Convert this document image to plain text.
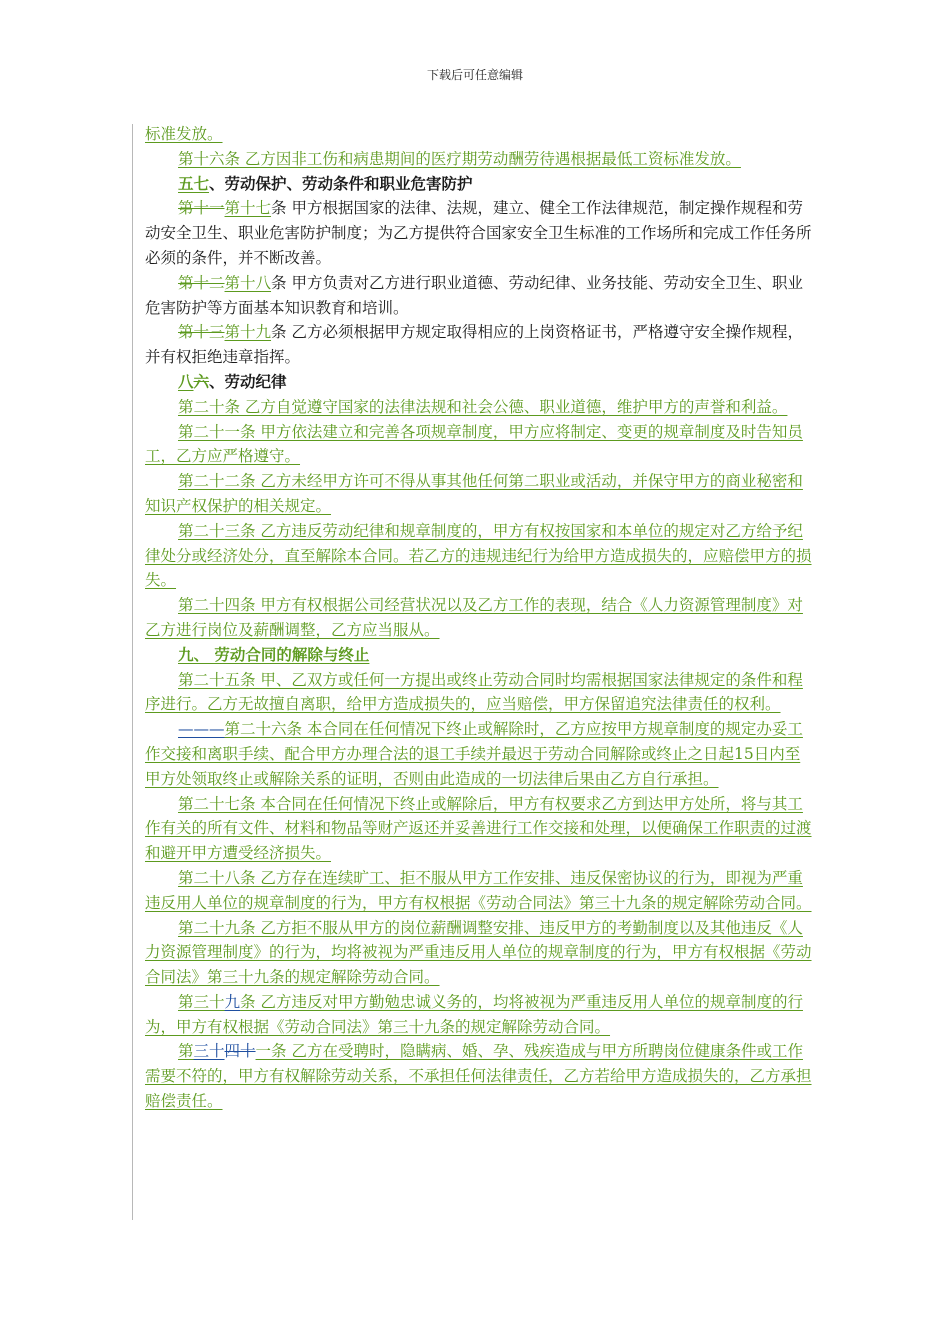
下载后可任意编辑

标准发放。

第十六条 乙方因非工伤和病患期间的医疗期劳动酬劳待遇根据最低工资标准发放。

五七、劳动保护、劳动条件和职业危害防护

第十一第十七条 甲方根据国家的法律、法规，建立、健全工作法律规范，制定操作规程和劳动安全卫生、职业危害防护制度；为乙方提供符合国家安全卫生标准的工作场所和完成工作任务所必须的条件，并不断改善。

第十二第十八条 甲方负责对乙方进行职业道德、劳动纪律、业务技能、劳动安全卫生、职业危害防护等方面基本知识教育和培训。

第十三第十九条 乙方必须根据甲方规定取得相应的上岗资格证书，严格遵守安全操作规程，并有权拒绝违章指挥。

八六、劳动纪律

第二十条 乙方自觉遵守国家的法律法规和社会公德、职业道德，维护甲方的声誉和利益。

第二十一条 甲方依法建立和完善各项规章制度，甲方应将制定、变更的规章制度及时告知员工，乙方应严格遵守。

第二十二条 乙方未经甲方许可不得从事其他任何第二职业或活动，并保守甲方的商业秘密和知识产权保护的相关规定。

第二十三条 乙方违反劳动纪律和规章制度的，甲方有权按国家和本单位的规定对乙方给予纪律处分或经济处分，直至解除本合同。若乙方的违规违纪行为给甲方造成损失的，应赔偿甲方的损失。

第二十四条 甲方有权根据公司经营状况以及乙方工作的表现，结合《人力资源管理制度》对乙方进行岗位及薪酬调整，乙方应当服从。

九、 劳动合同的解除与终止

第二十五条 甲、乙双方或任何一方提出或终止劳动合同时均需根据国家法律规定的条件和程序进行。乙方无故擅自离职，给甲方造成损失的，应当赔偿，甲方保留追究法律责任的权利。

———第二十六条 本合同在任何情况下终止或解除时，乙方应按甲方规章制度的规定办妥工作交接和离职手续、配合甲方办理合法的退工手续并最迟于劳动合同解除或终止之日起15日内至甲方处领取终止或解除关系的证明，否则由此造成的一切法律后果由乙方自行承担。

第二十七条 本合同在任何情况下终止或解除后，甲方有权要求乙方到达甲方处所，将与其工作有关的所有文件、材料和物品等财产返还并妥善进行工作交接和处理，以便确保工作职责的过渡和避开甲方遭受经济损失。

第二十八条 乙方存在连续旷工、拒不服从甲方工作安排、违反保密协议的行为，即视为严重违反用人单位的规章制度的行为，甲方有权根据《劳动合同法》第三十九条的规定解除劳动合同。

第二十九条 乙方拒不服从甲方的岗位薪酬调整安排、违反甲方的考勤制度以及其他违反《人力资源管理制度》的行为，均将被视为严重违反用人单位的规章制度的行为，甲方有权根据《劳动合同法》第三十九条的规定解除劳动合同。

第三十九条 乙方违反对甲方勤勉忠诚义务的，均将被视为严重违反用人单位的规章制度的行为，甲方有权根据《劳动合同法》第三十九条的规定解除劳动合同。

第三十四十一条 乙方在受聘时，隐瞒病、婚、孕、残疾造成与甲方所聘岗位健康条件或工作需要不符的，甲方有权解除劳动关系，不承担任何法律责任，乙方若给甲方造成损失的，乙方承担赔偿责任。
